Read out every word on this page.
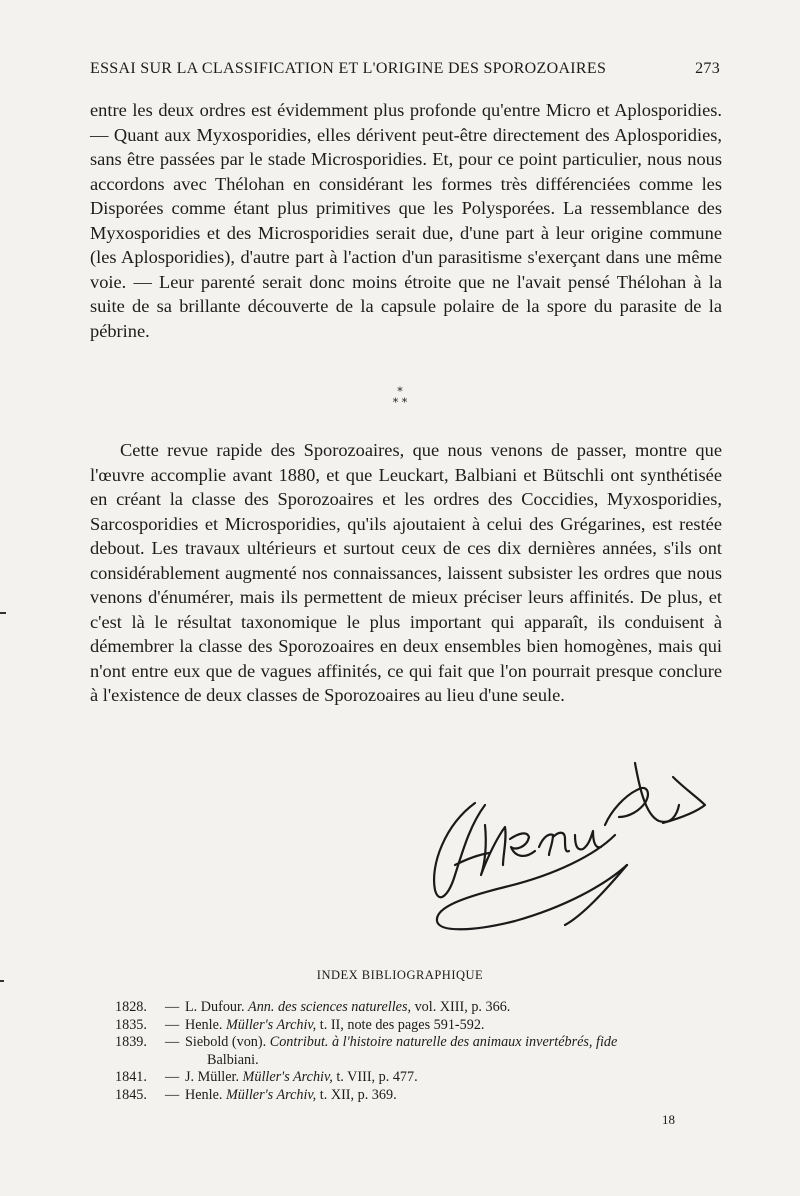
ESSAI SUR LA CLASSIFICATION ET L'ORIGINE DES SPOROZOAIRES	273

entre les deux ordres est évidemment plus profonde qu'entre Micro et Aplosporidies. — Quant aux Myxosporidies, elles dérivent peut-être directement des Aplosporidies, sans être passées par le stade Microsporidies. Et, pour ce point particulier, nous nous accordons avec Thélohan en considérant les formes très différenciées comme les Disporées comme étant plus primitives que les Polysporées. La ressemblance des Myxosporidies et des Microsporidies serait due, d'une part à leur origine commune (les Aplosporidies), d'autre part à l'action d'un parasitisme s'exerçant dans une même voie. — Leur parenté serait donc moins étroite que ne l'avait pensé Thélohan à la suite de sa brillante découverte de la capsule polaire de la spore du parasite de la pébrine.

*
* *

Cette revue rapide des Sporozoaires, que nous venons de passer, montre que l'œuvre accomplie avant 1880, et que Leuckart, Balbiani et Bütschli ont synthétisée en créant la classe des Sporozoaires et les ordres des Coccidies, Myxosporidies, Sarcosporidies et Microsporidies, qu'ils ajoutaient à celui des Grégarines, est restée debout. Les travaux ultérieurs et surtout ceux de ces dix dernières années, s'ils ont considérablement augmenté nos connaissances, laissent subsister les ordres que nous venons d'énumérer, mais ils permettent de mieux préciser leurs affinités. De plus, et c'est là le résultat taxonomique le plus important qui apparaît, ils conduisent à démembrer la classe des Sporozoaires en deux ensembles bien homogènes, mais qui n'ont entre eux que de vagues affinités, ce qui fait que l'on pourrait presque conclure à l'existence de deux classes de Sporozoaires au lieu d'une seule.

F. Henneguy
INDEX BIBLIOGRAPHIQUE
1828.	— L. Dufour. Ann. des sciences naturelles, vol. XIII, p. 366.
1835.	— Henle. Müller's Archiv, t. II, note des pages 591-592.
1839.	— Siebold (von). Contribut. à l'histoire naturelle des animaux invertébrés, fide
Balbiani.
1841.	— J. Müller. Müller's Archiv, t. VIII, p. 477.
1845.	— Henle. Müller's Archiv, t. XII, p. 369.
18
